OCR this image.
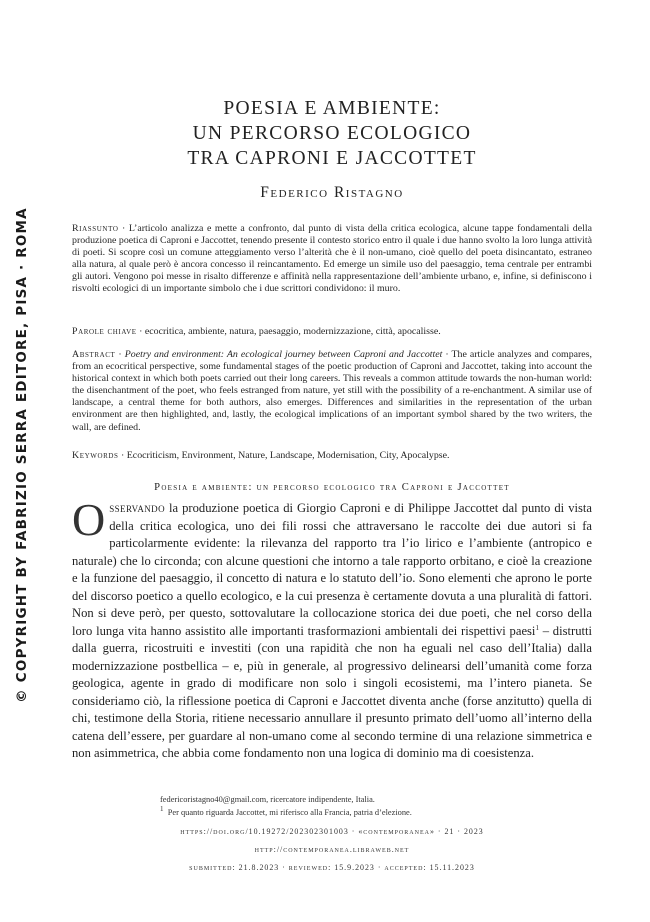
© COPYRIGHT BY FABRIZIO SERRA EDITORE, PISA · ROMA
POESIA E AMBIENTE:
UN PERCORSO ECOLOGICO
TRA CAPRONI E JACCOTTET
Federico Ristagno
Riassunto · L’articolo analizza e mette a confronto, dal punto di vista della critica ecologica, alcune tappe fondamentali della produzione poetica di Caproni e Jaccottet, tenendo presente il contesto storico entro il quale i due hanno svolto la loro lunga attività di poeti. Si scopre così un comune atteggiamento verso l’alterità che è il non-umano, cioè quello del poeta disincantato, estraneo alla natura, al quale però è ancora concesso il reincantamento. Ed emerge un simile uso del paesaggio, tema centrale per entrambi gli autori. Vengono poi messe in risalto differenze e affinità nella rappresentazione dell’ambiente urbano, e, infine, si definiscono i risvolti ecologici di un importante simbolo che i due scrittori condividono: il muro.
Parole chiave · ecocritica, ambiente, natura, paesaggio, modernizzazione, città, apocalisse.
Abstract · Poetry and environment: An ecological journey between Caproni and Jaccottet · The article analyzes and compares, from an ecocritical perspective, some fundamental stages of the poetic production of Caproni and Jaccottet, taking into account the historical context in which both poets carried out their long careers. This reveals a common attitude towards the non-human world: the disenchantment of the poet, who feels estranged from nature, yet still with the possibility of a re-enchantment. A similar use of landscape, a central theme for both authors, also emerges. Differences and similarities in the representation of the urban environment are then highlighted, and, lastly, the ecological implications of an important symbol shared by the two writers, the wall, are defined.
Keywords · Ecocriticism, Environment, Nature, Landscape, Modernisation, City, Apocalypse.
Poesia e ambiente: un percorso ecologico tra Caproni e Jaccottet
Osservando la produzione poetica di Giorgio Caproni e di Philippe Jaccottet dal punto di vista della critica ecologica, uno dei fili rossi che attraversano le raccolte dei due autori si fa particolarmente evidente: la rilevanza del rapporto tra l’io lirico e l’ambiente (antropico e naturale) che lo circonda; con alcune questioni che intorno a tale rapporto orbitano, e cioè la creazione e la funzione del paesaggio, il concetto di natura e lo statuto dell’io. Sono elementi che aprono le porte del discorso poetico a quello ecologico, e la cui presenza è certamente dovuta a una pluralità di fattori. Non si deve però, per questo, sottovalutare la collocazione storica dei due poeti, che nel corso della loro lunga vita hanno assistito alle importanti trasformazioni ambientali dei rispettivi paesi$^1$ – distrutti dalla guerra, ricostruiti e investiti (con una rapidità che non ha eguali nel caso dell’Italia) dalla modernizzazione postbellica – e, più in generale, al progressivo delinearsi dell’umanità come forza geologica, agente in grado di modificare non solo i singoli ecosistemi, ma l’intero pianeta. Se consideriamo ciò, la riflessione poetica di Caproni e Jaccottet diventa anche (forse anzitutto) quella di chi, testimone della Storia, ritiene necessario annullare il presunto primato dell’uomo all’interno della catena dell’essere, per guardare al non-umano come al secondo termine di una relazione simmetrica e non asimmetrica, che abbia come fondamento non una logica di dominio ma di coesistenza.
federicoristagno40@gmail.com, ricercatore indipendente, Italia.
$^1$ Per quanto riguarda Jaccottet, mi riferisco alla Francia, patria d’elezione.
https://doi.org/10.19272/202302301003 · «contemporanea» · 21 · 2023
http://contemporanea.libraweb.net
submitted: 21.8.2023 · reviewed: 15.9.2023 · accepted: 15.11.2023
